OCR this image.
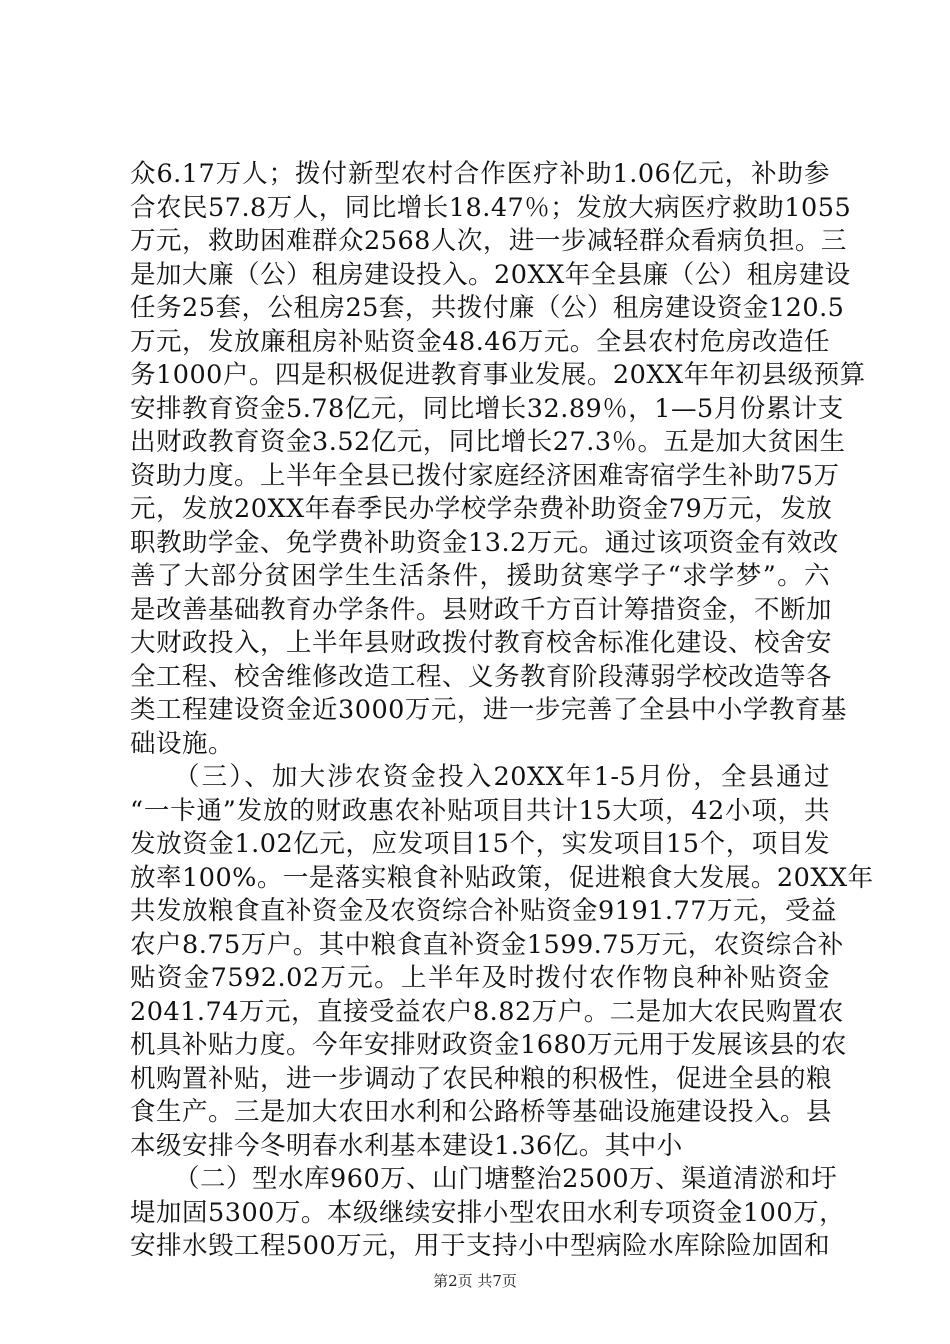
众6.17万人；拨付新型农村合作医疗补助1.06亿元，补助参
合农民57.8万人，同比增长18.47％；发放大病医疗救助1055
万元，救助困难群众2568人次，进一步减轻群众看病负担。三
是加大廉（公）租房建设投入。20XX年全县廉（公）租房建设
任务25套，公租房25套，共拨付廉（公）租房建设资金120.5
万元，发放廉租房补贴资金48.46万元。全县农村危房改造任
务1000户。四是积极促进教育事业发展。20XX年年初县级预算
安排教育资金5.78亿元，同比增长32.89％，1—5月份累计支
出财政教育资金3.52亿元，同比增长27.3％。五是加大贫困生
资助力度。上半年全县已拨付家庭经济困难寄宿学生补助75万
元，发放20XX年春季民办学校学杂费补助资金79万元，发放
职教助学金、免学费补助资金13.2万元。通过该项资金有效改
善了大部分贫困学生生活条件，援助贫寒学子“求学梦”。六
是改善基础教育办学条件。县财政千方百计筹措资金，不断加
大财政投入，上半年县财政拨付教育校舍标准化建设、校舍安
全工程、校舍维修改造工程、义务教育阶段薄弱学校改造等各
类工程建设资金近3000万元，进一步完善了全县中小学教育基
础设施。
（三）、加大涉农资金投入20XX年1-5月份，全县通过
“一卡通”发放的财政惠农补贴项目共计15大项，42小项，共
发放资金1.02亿元，应发项目15个，实发项目15个，项目发
放率100%。一是落实粮食补贴政策，促进粮食大发展。20XX年
共发放粮食直补资金及农资综合补贴资金9191.77万元，受益
农户8.75万户。其中粮食直补资金1599.75万元，农资综合补
贴资金7592.02万元。上半年及时拨付农作物良种补贴资金
2041.74万元，直接受益农户8.82万户。二是加大农民购置农
机具补贴力度。今年安排财政资金1680万元用于发展该县的农
机购置补贴，进一步调动了农民种粮的积极性，促进全县的粮
食生产。三是加大农田水利和公路桥等基础设施建设投入。县
本级安排今冬明春水利基本建设1.36亿。其中小
（二）型水库960万、山门塘整治2500万、渠道清淤和圩
堤加固5300万。本级继续安排小型农田水利专项资金100万，
安排水毁工程500万元，用于支持小中型病险水库除险加固和
第2页 共7页
